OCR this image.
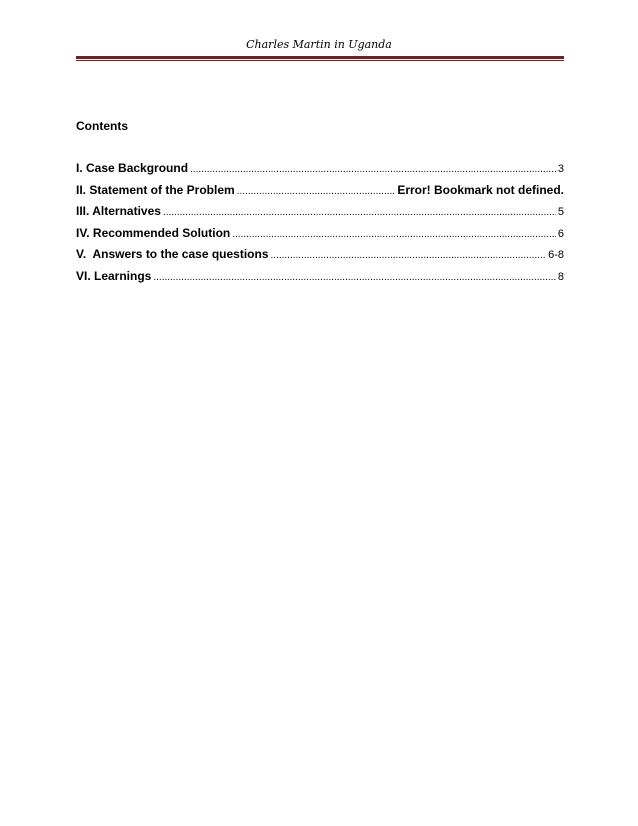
Charles Martin in Uganda
Contents
I. Case Background .....	3
II. Statement of the Problem .....	Error! Bookmark not defined.
III. Alternatives .....	5
IV. Recommended Solution .....	6
V.  Answers to the case questions .....	6-8
VI. Learnings .....	8
